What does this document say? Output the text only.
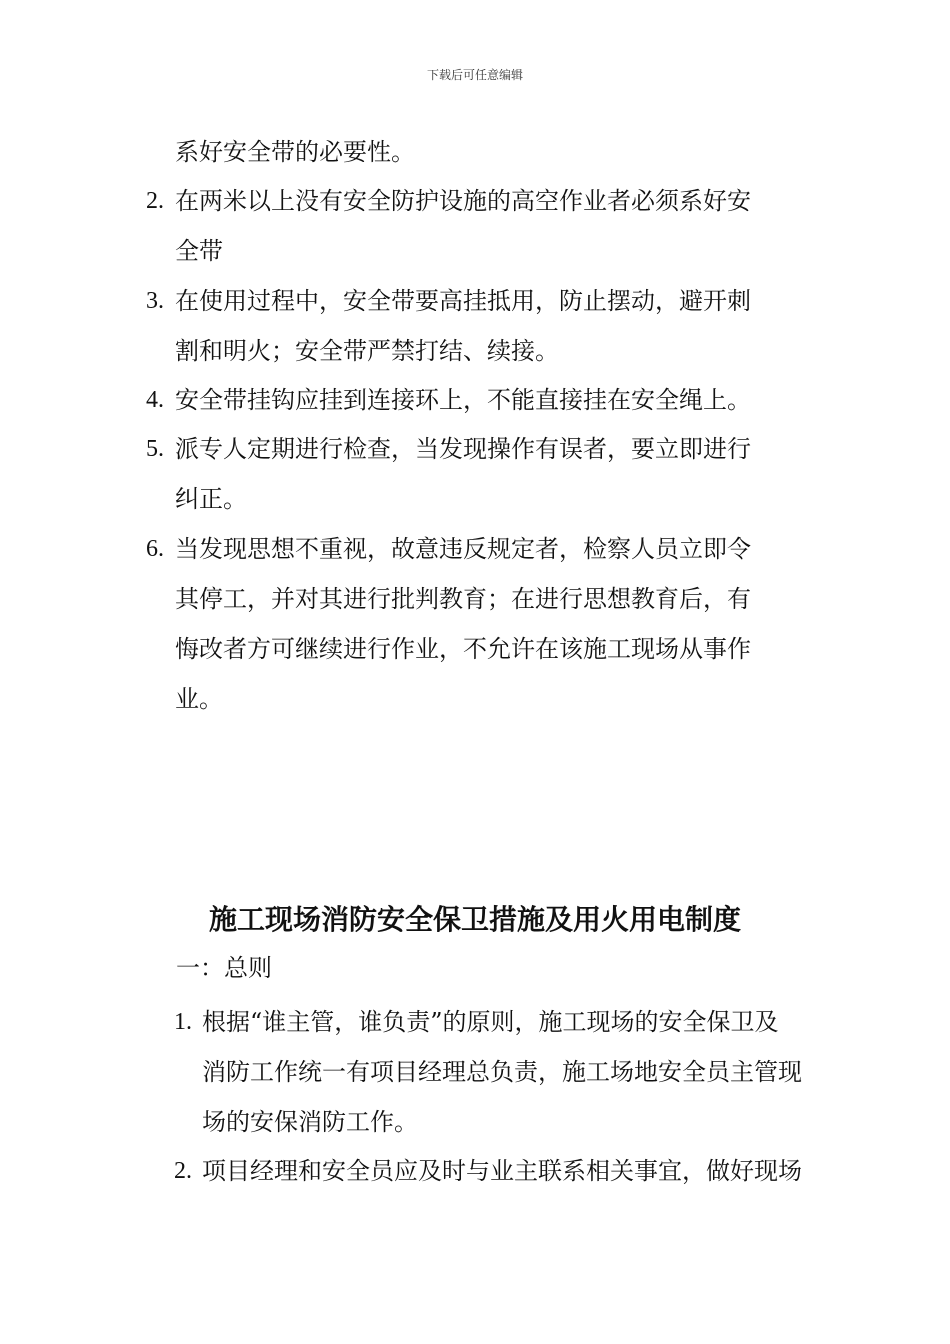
下载后可任意编辑
系好安全带的必要性。
2. 在两米以上没有安全防护设施的高空作业者必须系好安
全带
3. 在使用过程中，安全带要高挂抵用，防止摆动，避开刺
割和明火；安全带严禁打结、续接。
4. 安全带挂钩应挂到连接环上，不能直接挂在安全绳上。
5. 派专人定期进行检查，当发现操作有误者，要立即进行
纠正。
6. 当发现思想不重视，故意违反规定者，检察人员立即令
其停工，并对其进行批判教育；在进行思想教育后，有
悔改者方可继续进行作业，不允许在该施工现场从事作
业。
施工现场消防安全保卫措施及用火用电制度
一：总则
1. 根据“谁主管，谁负责”的原则，施工现场的安全保卫及
消防工作统一有项目经理总负责，施工场地安全员主管现
场的安保消防工作。
2. 项目经理和安全员应及时与业主联系相关事宜，做好现场
